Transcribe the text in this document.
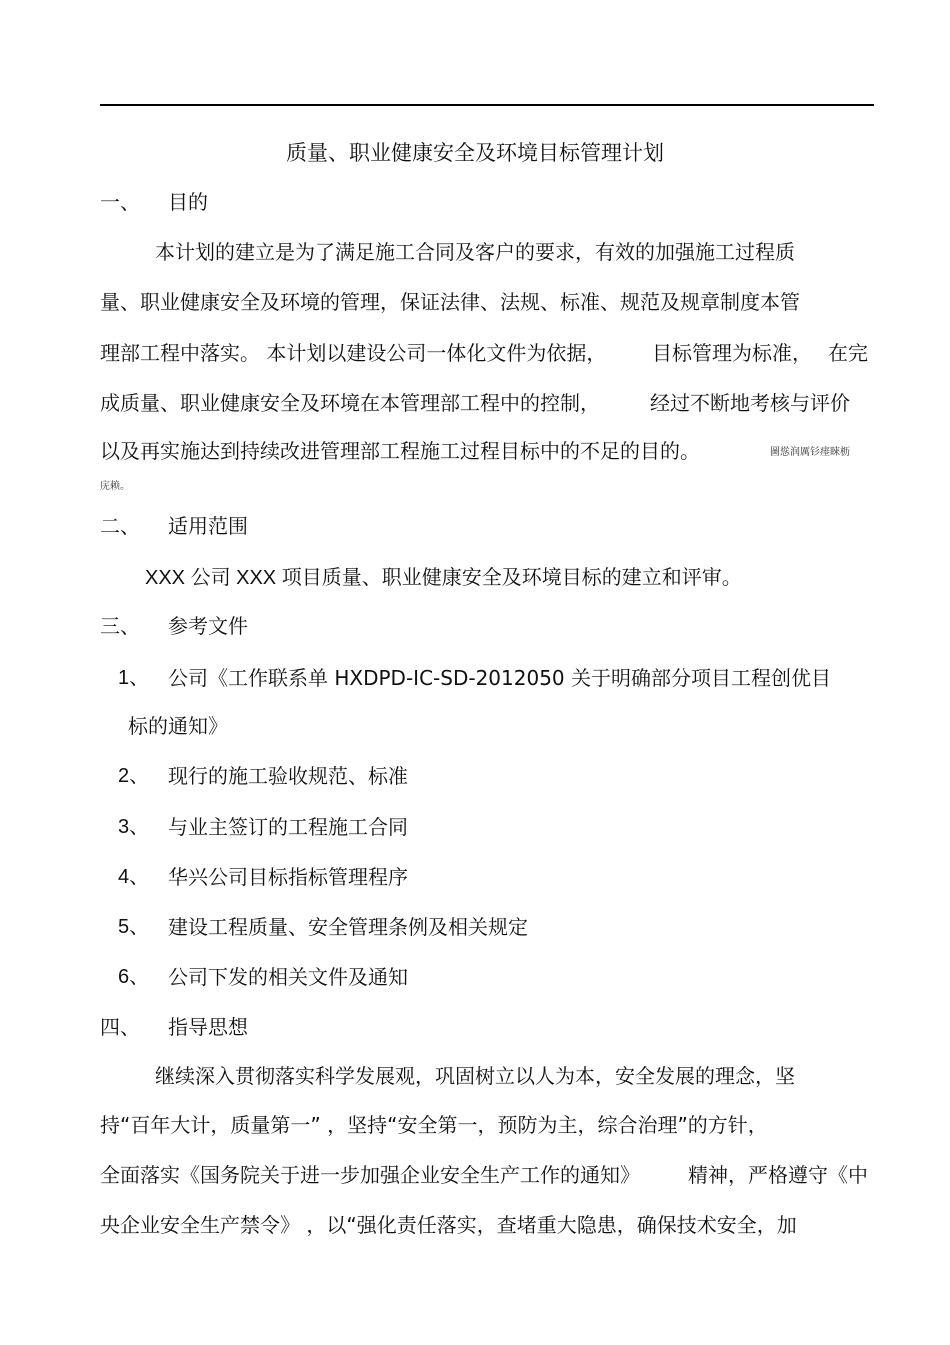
质量、职业健康安全及环境目标管理计划
一、 目的
本计划的建立是为了满足施工合同及客户的要求，有效的加强施工过程质
量、职业健康安全及环境的管理，保证法律、法规、标准、规范及规章制度本管
理部工程中落实。 本计划以建设公司一体化文件为依据， 目标管理为标准， 在完
成质量、职业健康安全及环境在本管理部工程中的控制，	经过不断地考核与评价
以及再实施达到持续改进管理部工程施工过程目标中的不足的目的。	圖慫润厲钐瘗睞枥
庑赖。
二、 适用范围
XXX 公司 XXX 项目质量、职业健康安全及环境目标的建立和评审。
三、 参考文件
1、 公司《工作联系单 HXDPD-IC-SD-2012050 关于明确部分项目工程创优目
标的通知》
2、 现行的施工验收规范、标准
3、 与业主签订的工程施工合同
4、 华兴公司目标指标管理程序
5、 建设工程质量、安全管理条例及相关规定
6、 公司下发的相关文件及通知
四、 指导思想
继续深入贯彻落实科学发展观，巩固树立以人为本，安全发展的理念，坚
持“百年大计，质量第一” ，坚持“安全第一，预防为主，综合治理”的方针，
全面落实《国务院关于进一步加强企业安全生产工作的通知》 精神，严格遵守《中
央企业安全生产禁令》 ，以“强化责任落实，查堵重大隐患，确保技术安全，加
